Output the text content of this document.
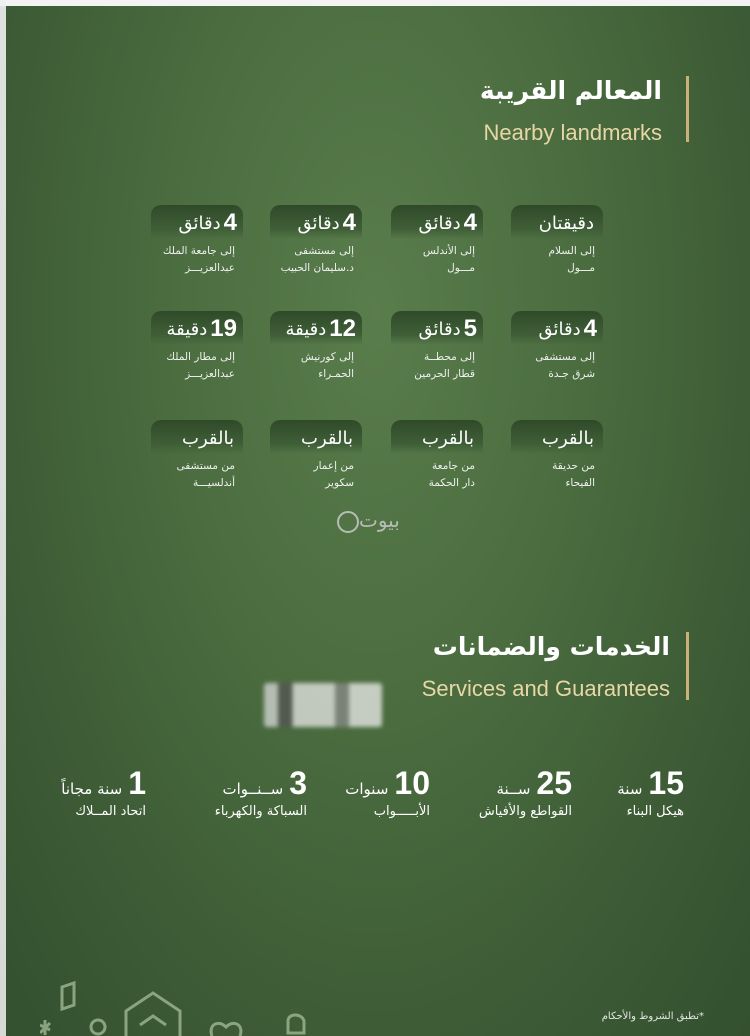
المعالم القريبة
Nearby landmarks
دقيقتان
إلى السلام
مـــول
4
دقائق
إلى الأندلس
مـــول
4
دقائق
إلى مستشفى
د.سليمان الحبيب
4
دقائق
إلى جامعة الملك
عبدالعزيـــز
4
دقائق
إلى مستشفى
شرق جـدة
5
دقائق
إلى محطــة
قطار الحرمين
12
دقيقة
إلى كورنيش
الحمـراء
19
دقيقة
إلى مطار الملك
عبدالعزيـــز
بالقرب
من حديقة
الفيحاء
بالقرب
من جامعة
دار الحكمة
بالقرب
من إعمار
سكوير
بالقرب
من مستشفى
أندلسيـــة
بيوت
الخدمات والضمانات
Services and Guarantees
15سنة
هيكل البناء
25ســنة
القواطع والأفياش
10سنوات
الأبـــــواب
3ســنــوات
السباكة والكهرباء
1سنة مجاناً
اتحاد المــلاك
*تطبق الشروط والأحكام
